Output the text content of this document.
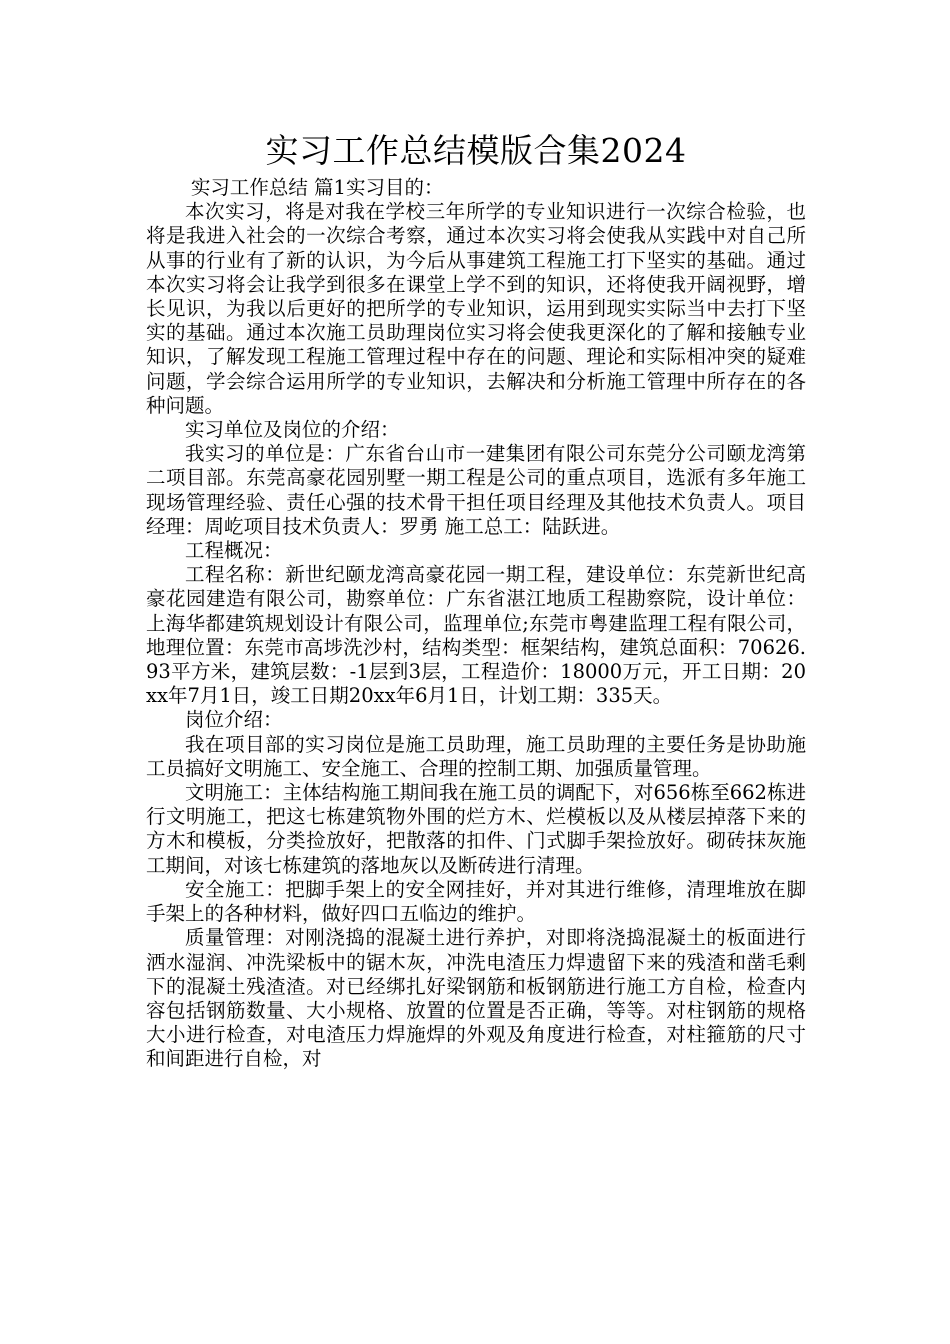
实习工作总结模版合集2024

实习工作总结 篇1实习目的：

本次实习，将是对我在学校三年所学的专业知识进行一次综合检验，也将是我进入社会的一次综合考察，通过本次实习将会使我从实践中对自己所从事的行业有了新的认识，为今后从事建筑工程施工打下坚实的基础。通过本次实习将会让我学到很多在课堂上学不到的知识，还将使我开阔视野，增长见识，为我以后更好的把所学的专业知识，运用到现实实际当中去打下坚实的基础。通过本次施工员助理岗位实习将会使我更深化的了解和接触专业知识，了解发现工程施工管理过程中存在的问题、理论和实际相冲突的疑难问题，学会综合运用所学的专业知识，去解决和分析施工管理中所存在的各种问题。

实习单位及岗位的介绍：

我实习的单位是：广东省台山市一建集团有限公司东莞分公司颐龙湾第二项目部。东莞高豪花园别墅一期工程是公司的重点项目，选派有多年施工现场管理经验、责任心强的技术骨干担任项目经理及其他技术负责人。项目经理：周屹项目技术负责人：罗勇 施工总工：陆跃进。

工程概况：

工程名称：新世纪颐龙湾高豪花园一期工程，建设单位：东莞新世纪高豪花园建造有限公司，勘察单位：广东省湛江地质工程勘察院，设计单位：上海华都建筑规划设计有限公司，监理单位;东莞市粤建监理工程有限公司，地理位置：东莞市高埗洗沙村，结构类型：框架结构，建筑总面积：70626.93平方米，建筑层数：-1层到3层，工程造价：18000万元，开工日期：20xx年7月1日，竣工日期20xx年6月1日，计划工期：335天。

岗位介绍：

我在项目部的实习岗位是施工员助理，施工员助理的主要任务是协助施工员搞好文明施工、安全施工、合理的控制工期、加强质量管理。

文明施工：主体结构施工期间我在施工员的调配下，对656栋至662栋进行文明施工，把这七栋建筑物外围的烂方木、烂模板以及从楼层掉落下来的方木和模板，分类捡放好，把散落的扣件、门式脚手架捡放好。砌砖抹灰施工期间，对该七栋建筑的落地灰以及断砖进行清理。

安全施工：把脚手架上的安全网挂好，并对其进行维修，清理堆放在脚手架上的各种材料，做好四口五临边的维护。

质量管理：对刚浇捣的混凝土进行养护，对即将浇捣混凝土的板面进行洒水湿润、冲洗梁板中的锯木灰，冲洗电渣压力焊遗留下来的残渣和凿毛剩下的混凝土残渣渣。对已经绑扎好梁钢筋和板钢筋进行施工方自检，检查内容包括钢筋数量、大小规格、放置的位置是否正确，等等。对柱钢筋的规格大小进行检查，对电渣压力焊施焊的外观及角度进行检查，对柱箍筋的尺寸和间距进行自检，对
